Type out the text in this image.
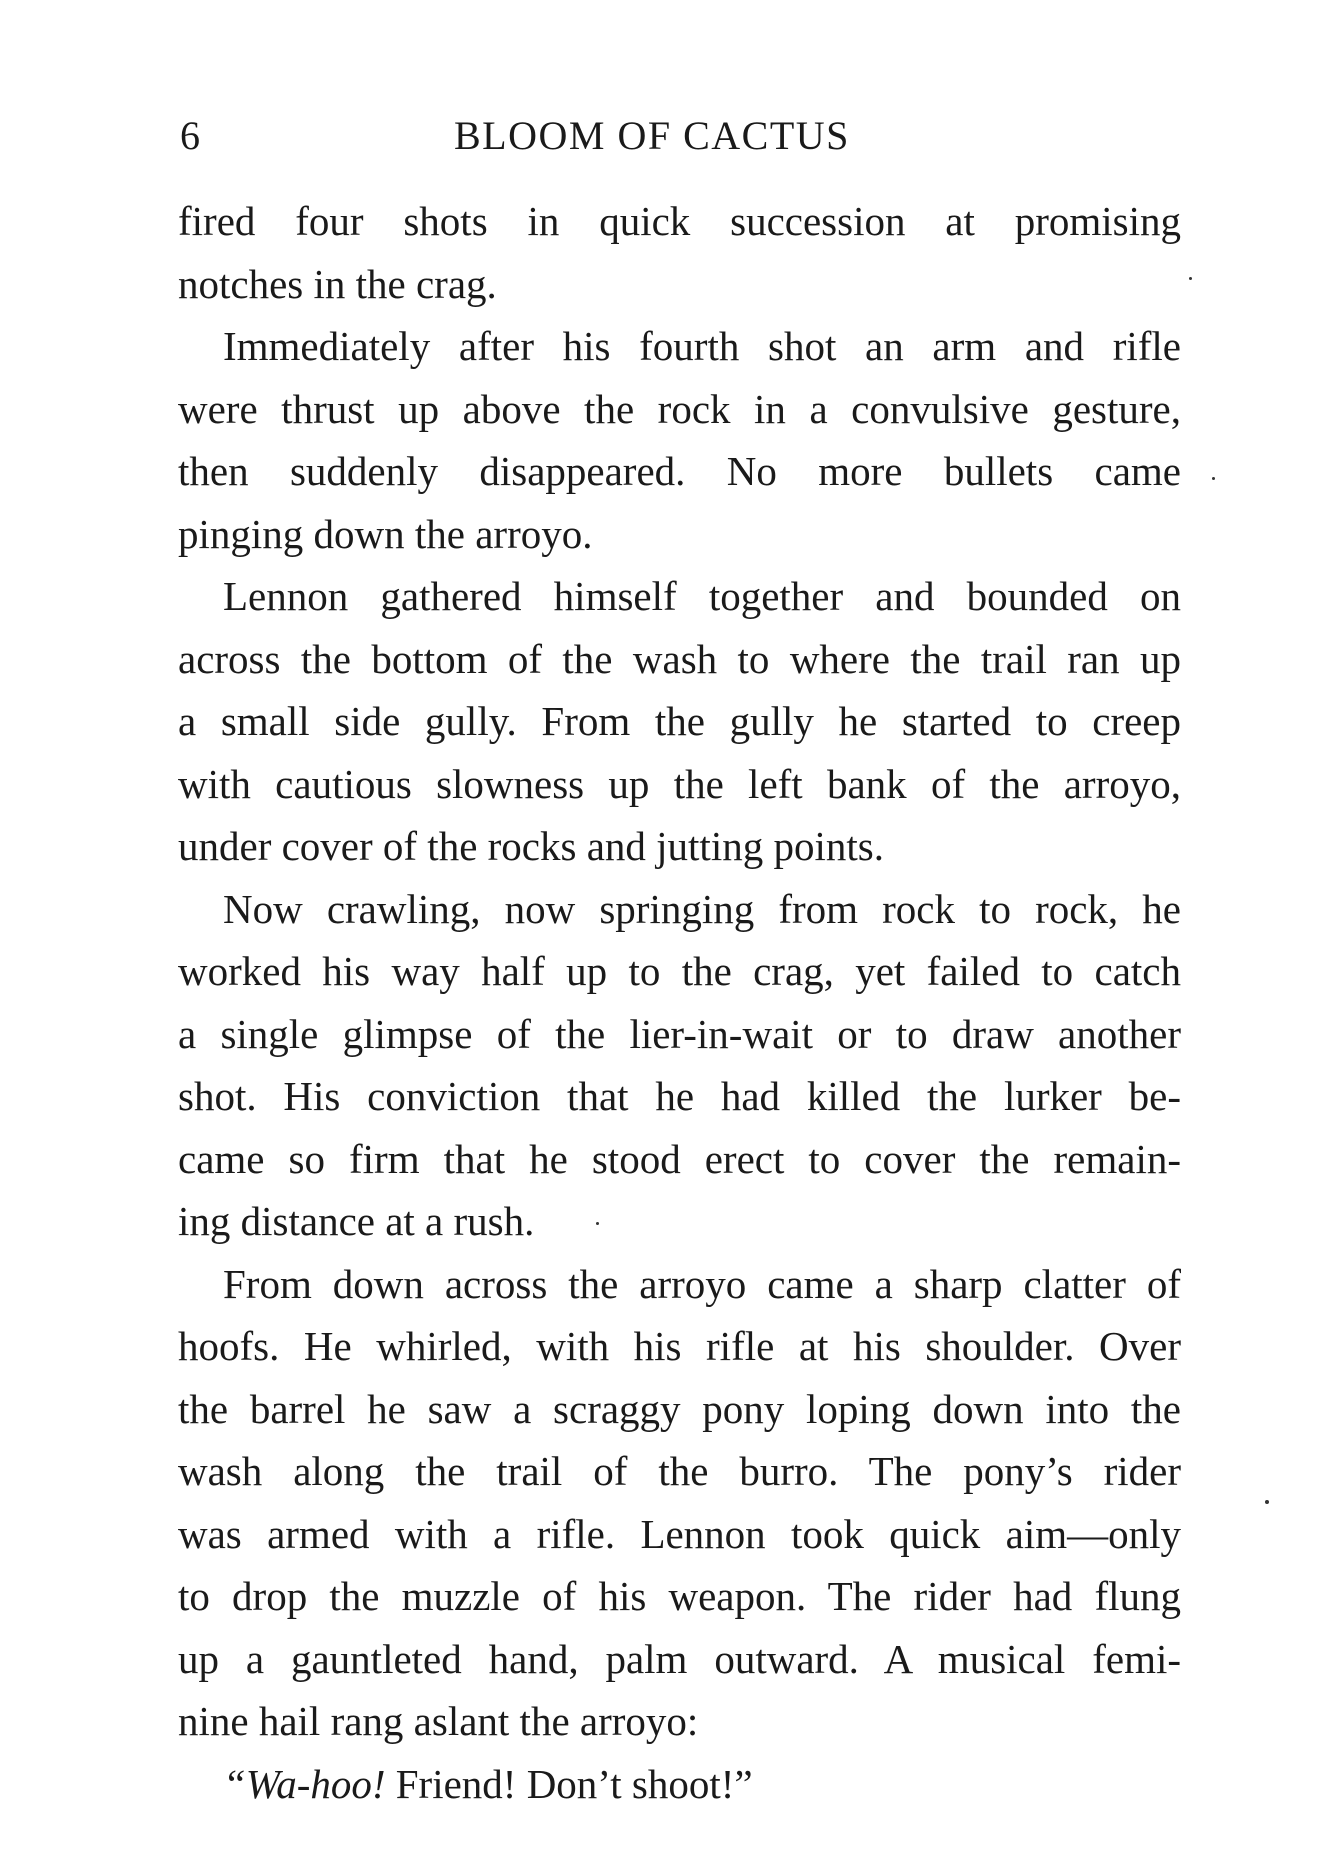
6	BLOOM OF CACTUS
fired four shots in quick succession at promising
notches in the crag.
Immediately after his fourth shot an arm and rifle
were thrust up above the rock in a convulsive gesture,
then suddenly disappeared. No more bullets came
pinging down the arroyo.
Lennon gathered himself together and bounded on
across the bottom of the wash to where the trail ran up
a small side gully. From the gully he started to creep
with cautious slowness up the left bank of the arroyo,
under cover of the rocks and jutting points.
Now crawling, now springing from rock to rock, he
worked his way half up to the crag, yet failed to catch
a single glimpse of the lier-in-wait or to draw another
shot. His conviction that he had killed the lurker be-
came so firm that he stood erect to cover the remain-
ing distance at a rush.
From down across the arroyo came a sharp clatter of
hoofs. He whirled, with his rifle at his shoulder. Over
the barrel he saw a scraggy pony loping down into the
wash along the trail of the burro. The pony’s rider
was armed with a rifle. Lennon took quick aim—only
to drop the muzzle of his weapon. The rider had flung
up a gauntleted hand, palm outward. A musical femi-
nine hail rang aslant the arroyo:
“Wa-hoo! Friend! Don’t shoot!”
